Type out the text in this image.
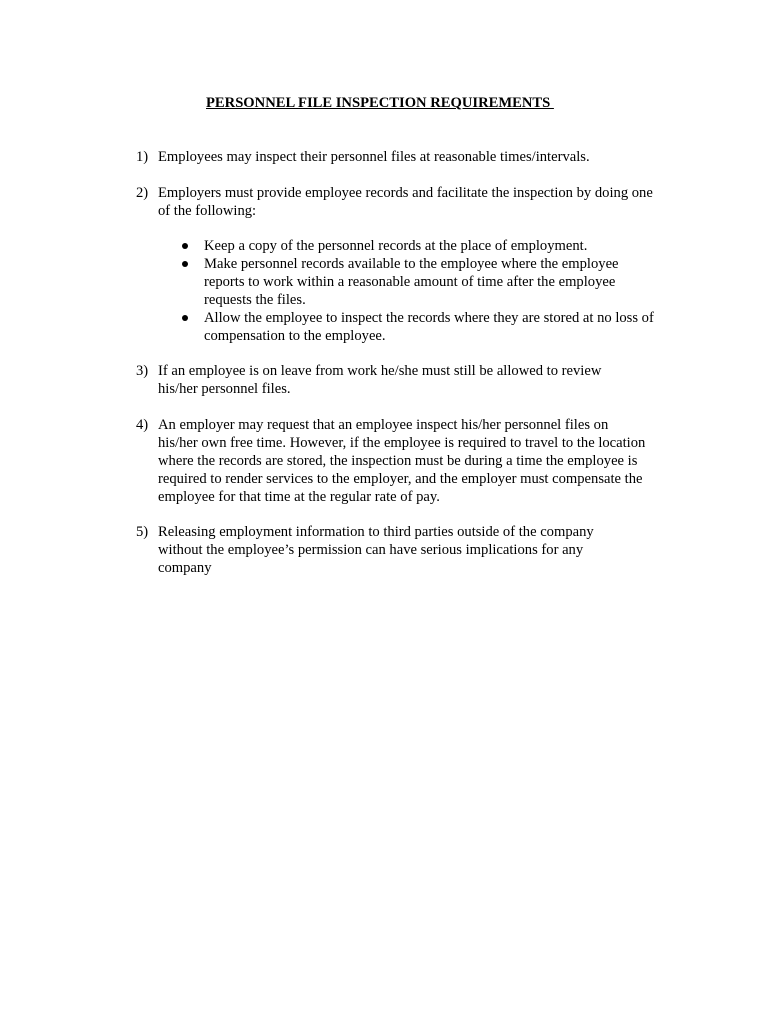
PERSONNEL FILE INSPECTION REQUIREMENTS
1) Employees may inspect their personnel files at reasonable times/intervals.
2) Employers must provide employee records and facilitate the inspection by doing one of the following:
Keep a copy of the personnel records at the place of employment.
Make personnel records available to the employee where the employee reports to work within a reasonable amount of time after the employee requests the files.
Allow the employee to inspect the records where they are stored at no loss of compensation to the employee.
3) If an employee is on leave from work he/she must still be allowed to review his/her personnel files.
4) An employer may request that an employee inspect his/her personnel files on his/her own free time. However, if the employee is required to travel to the location where the records are stored, the inspection must be during a time the employee is required to render services to the employer, and the employer must compensate the employee for that time at the regular rate of pay.
5) Releasing employment information to third parties outside of the company without the employee’s permission can have serious implications for any company
